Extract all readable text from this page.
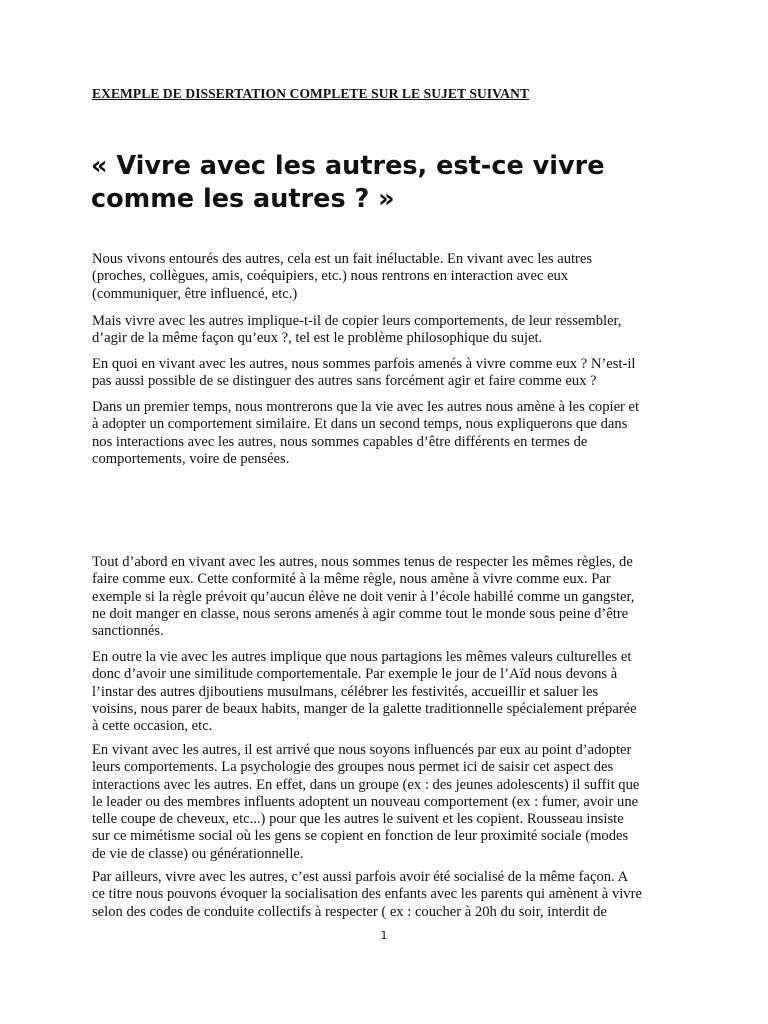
EXEMPLE DE DISSERTATION COMPLETE SUR LE SUJET SUIVANT
« Vivre avec les autres, est-ce vivre
comme les autres ? »

Nous vivons entourés des autres, cela est un fait inéluctable. En vivant avec les autres
(proches, collègues, amis, coéquipiers, etc.) nous rentrons en interaction avec eux
(communiquer, être influencé, etc.)

Mais vivre avec les autres implique-t-il de copier leurs comportements, de leur ressembler,
d’agir de la même façon qu’eux ?, tel est le problème philosophique du sujet.

En quoi en vivant avec les autres, nous sommes parfois amenés à vivre comme eux ? N’est-il
pas aussi possible de se distinguer des autres sans forcément agir et faire comme eux ?

Dans un premier temps, nous montrerons que la vie avec les autres nous amène à les copier et
à adopter un comportement similaire. Et dans un second temps, nous expliquerons que dans
nos interactions avec les autres, nous sommes capables d’être différents en termes de
comportements, voire de pensées.

Tout d’abord en vivant avec les autres, nous sommes tenus de respecter les mêmes règles, de
faire comme eux. Cette conformité à la même règle, nous amène à vivre comme eux. Par
exemple si la règle prévoit qu’aucun élève ne doit venir à l’école habillé comme un gangster,
ne doit manger en classe, nous serons amenés à agir comme tout le monde sous peine d’être
sanctionnés.

En outre la vie avec les autres implique que nous partagions les mêmes valeurs culturelles et
donc d’avoir une similitude comportementale. Par exemple le jour de l’Aïd nous devons à
l’instar des autres djiboutiens musulmans, célébrer les festivités, accueillir et saluer les
voisins, nous parer de beaux habits, manger de la galette traditionnelle spécialement préparée
à cette occasion, etc.

En vivant avec les autres, il est arrivé que nous soyons influencés par eux au point d’adopter
leurs comportements. La psychologie des groupes nous permet ici de saisir cet aspect des
interactions avec les autres. En effet, dans un groupe (ex : des jeunes adolescents) il suffit que
le leader ou des membres influents adoptent un nouveau comportement (ex : fumer, avoir une
telle coupe de cheveux, etc...) pour que les autres le suivent et les copient. Rousseau insiste
sur ce mimétisme social où les gens se copient en fonction de leur proximité sociale (modes
de vie de classe) ou générationnelle.

Par ailleurs, vivre avec les autres, c’est aussi parfois avoir été socialisé de la même façon. A
ce titre nous pouvons évoquer la socialisation des enfants avec les parents qui amènent à vivre
selon des codes de conduite collectifs à respecter ( ex : coucher à 20h du soir, interdit de

1
